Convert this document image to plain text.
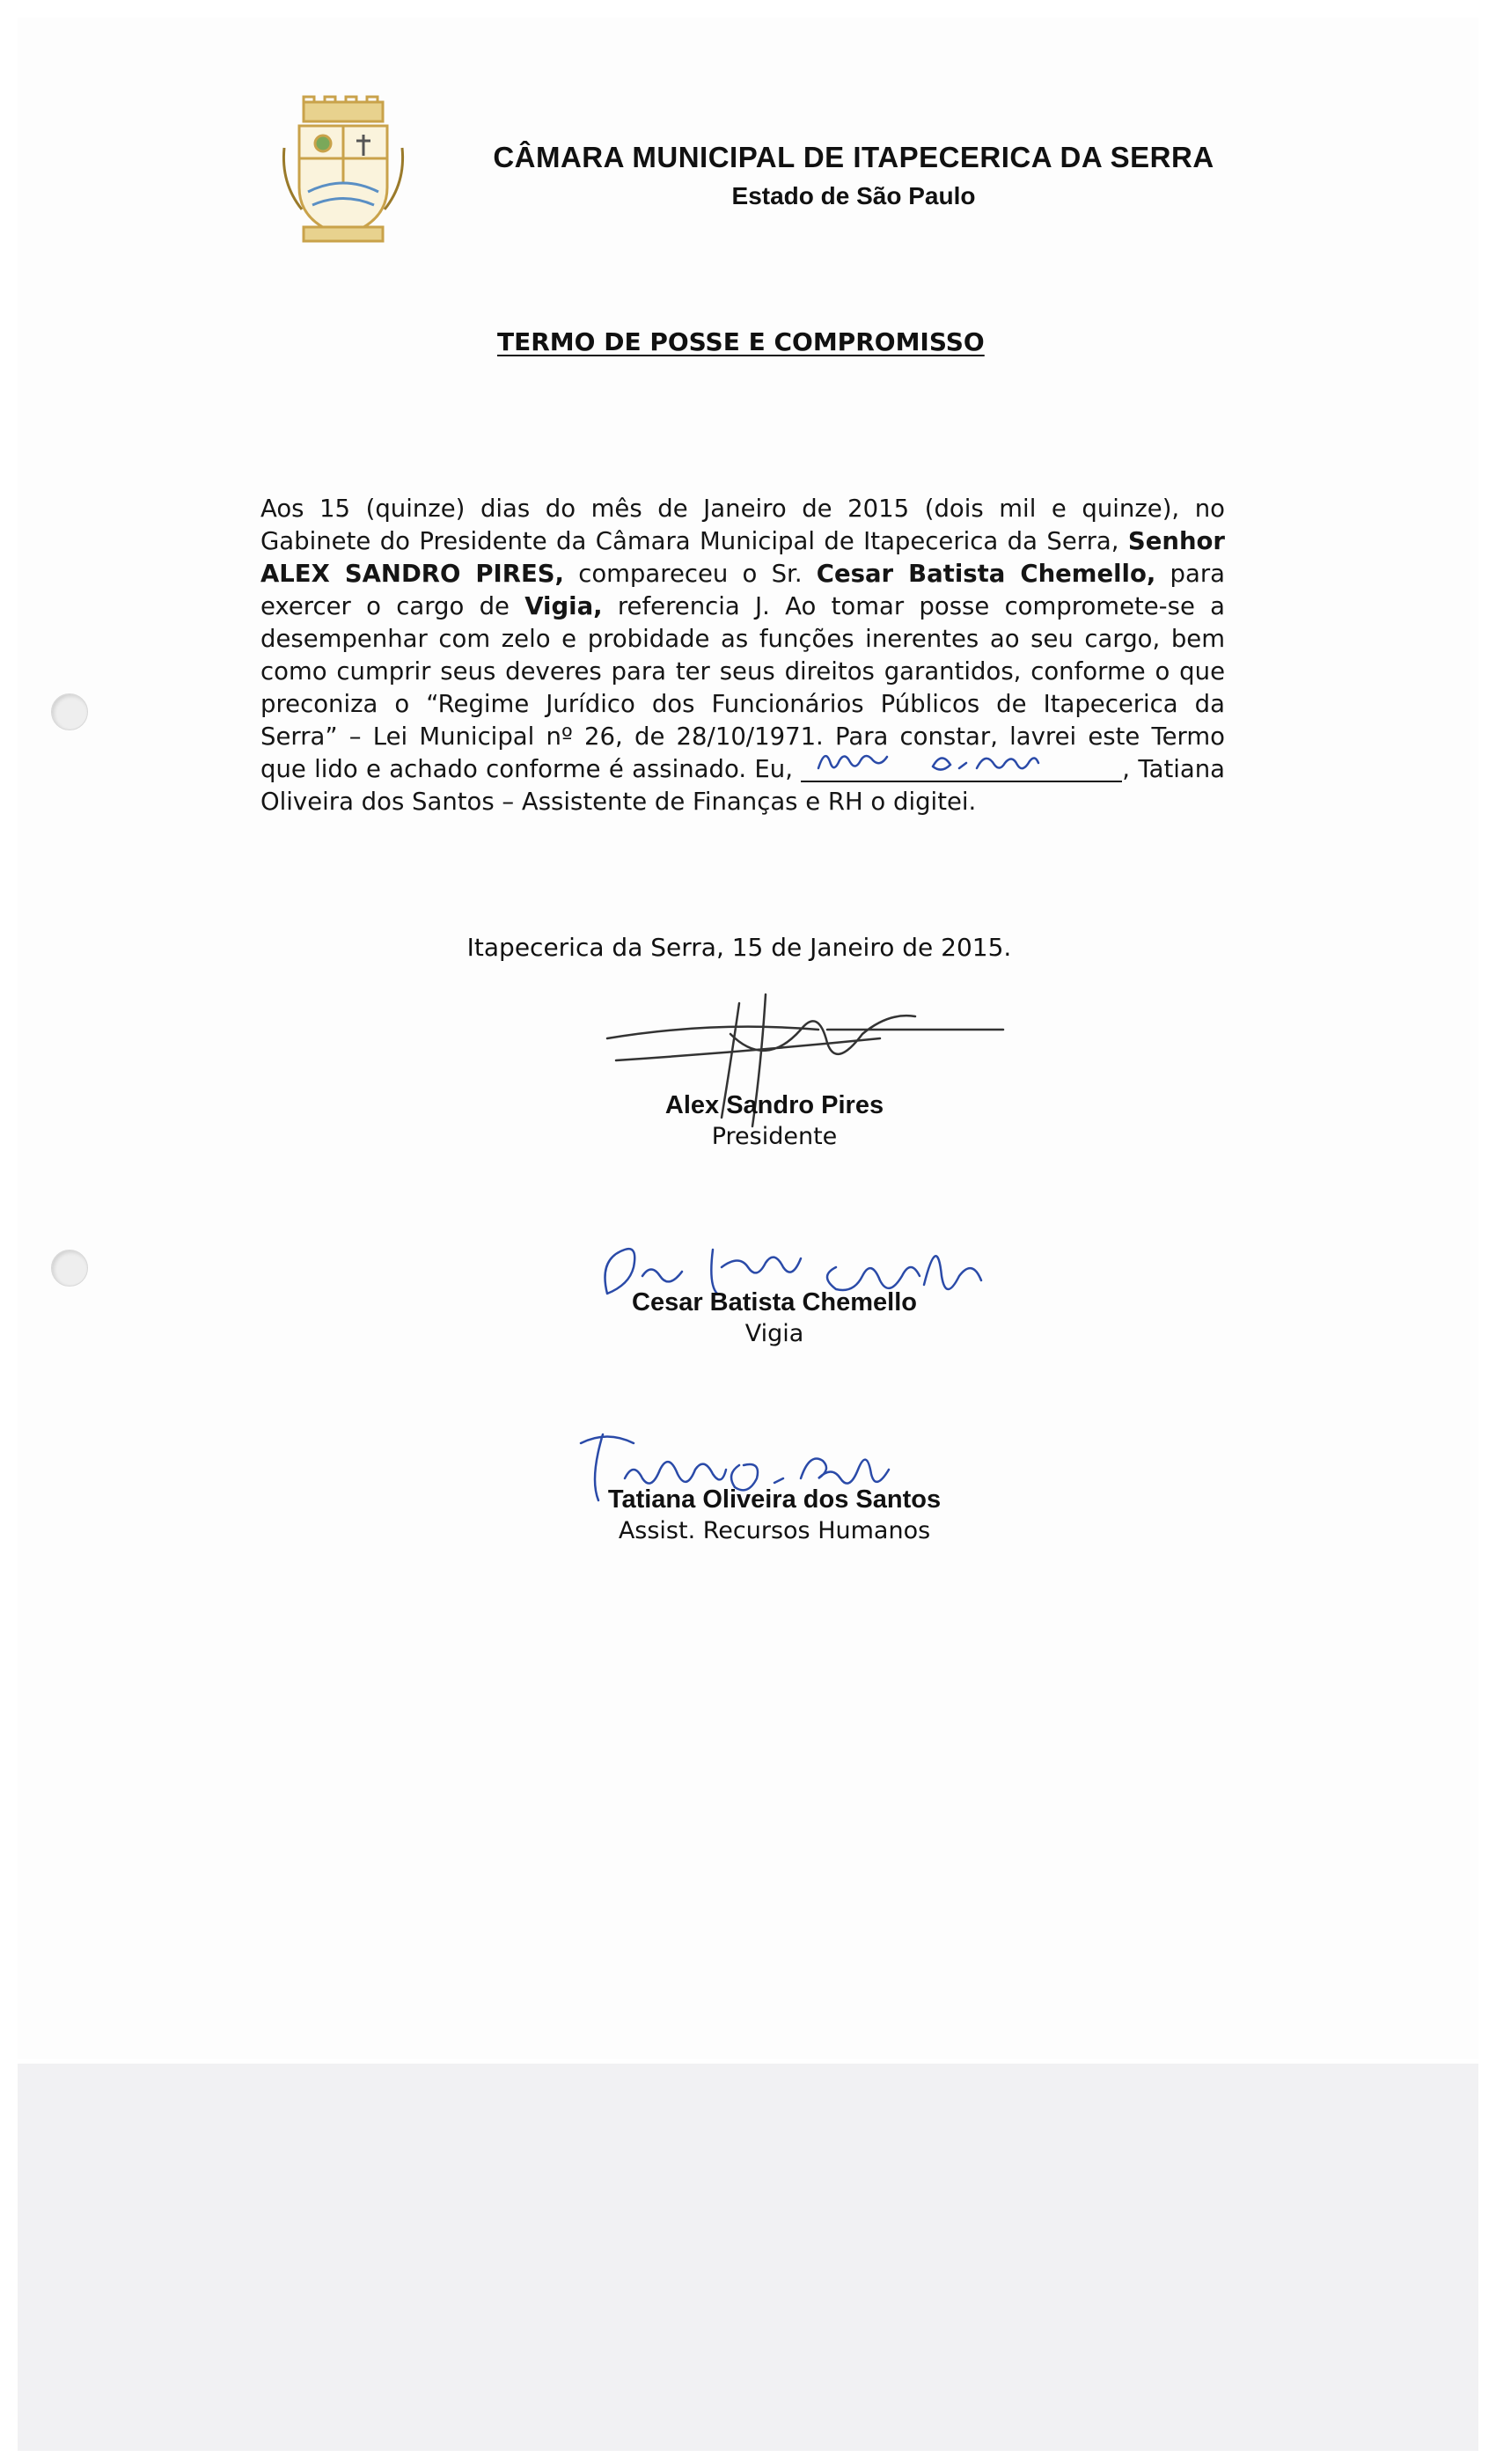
CÂMARA MUNICIPAL DE ITAPECERICA DA SERRA
Estado de São Paulo
TERMO DE POSSE E COMPROMISSO
Aos 15 (quinze) dias do mês de Janeiro de 2015 (dois mil e quinze), no Gabinete do Presidente da Câmara Municipal de Itapecerica da Serra, Senhor ALEX SANDRO PIRES, compareceu o Sr. Cesar Batista Chemello, para exercer o cargo de Vigia, referencia J. Ao tomar posse compromete-se a desempenhar com zelo e probidade as funções inerentes ao seu cargo, bem como cumprir seus deveres para ter seus direitos garantidos, conforme o que preconiza o “Regime Jurídico dos Funcionários Públicos de Itapecerica da Serra” – Lei Municipal nº 26, de 28/10/1971. Para constar, lavrei este Termo que lido e achado conforme é assinado. Eu,	, Tatiana Oliveira dos Santos – Assistente de Finanças e RH o digitei.
Itapecerica da Serra, 15 de Janeiro de 2015.
Alex Sandro Pires
Presidente
Cesar Batista Chemello
Vigia
Tatiana Oliveira dos Santos
Assist. Recursos Humanos
